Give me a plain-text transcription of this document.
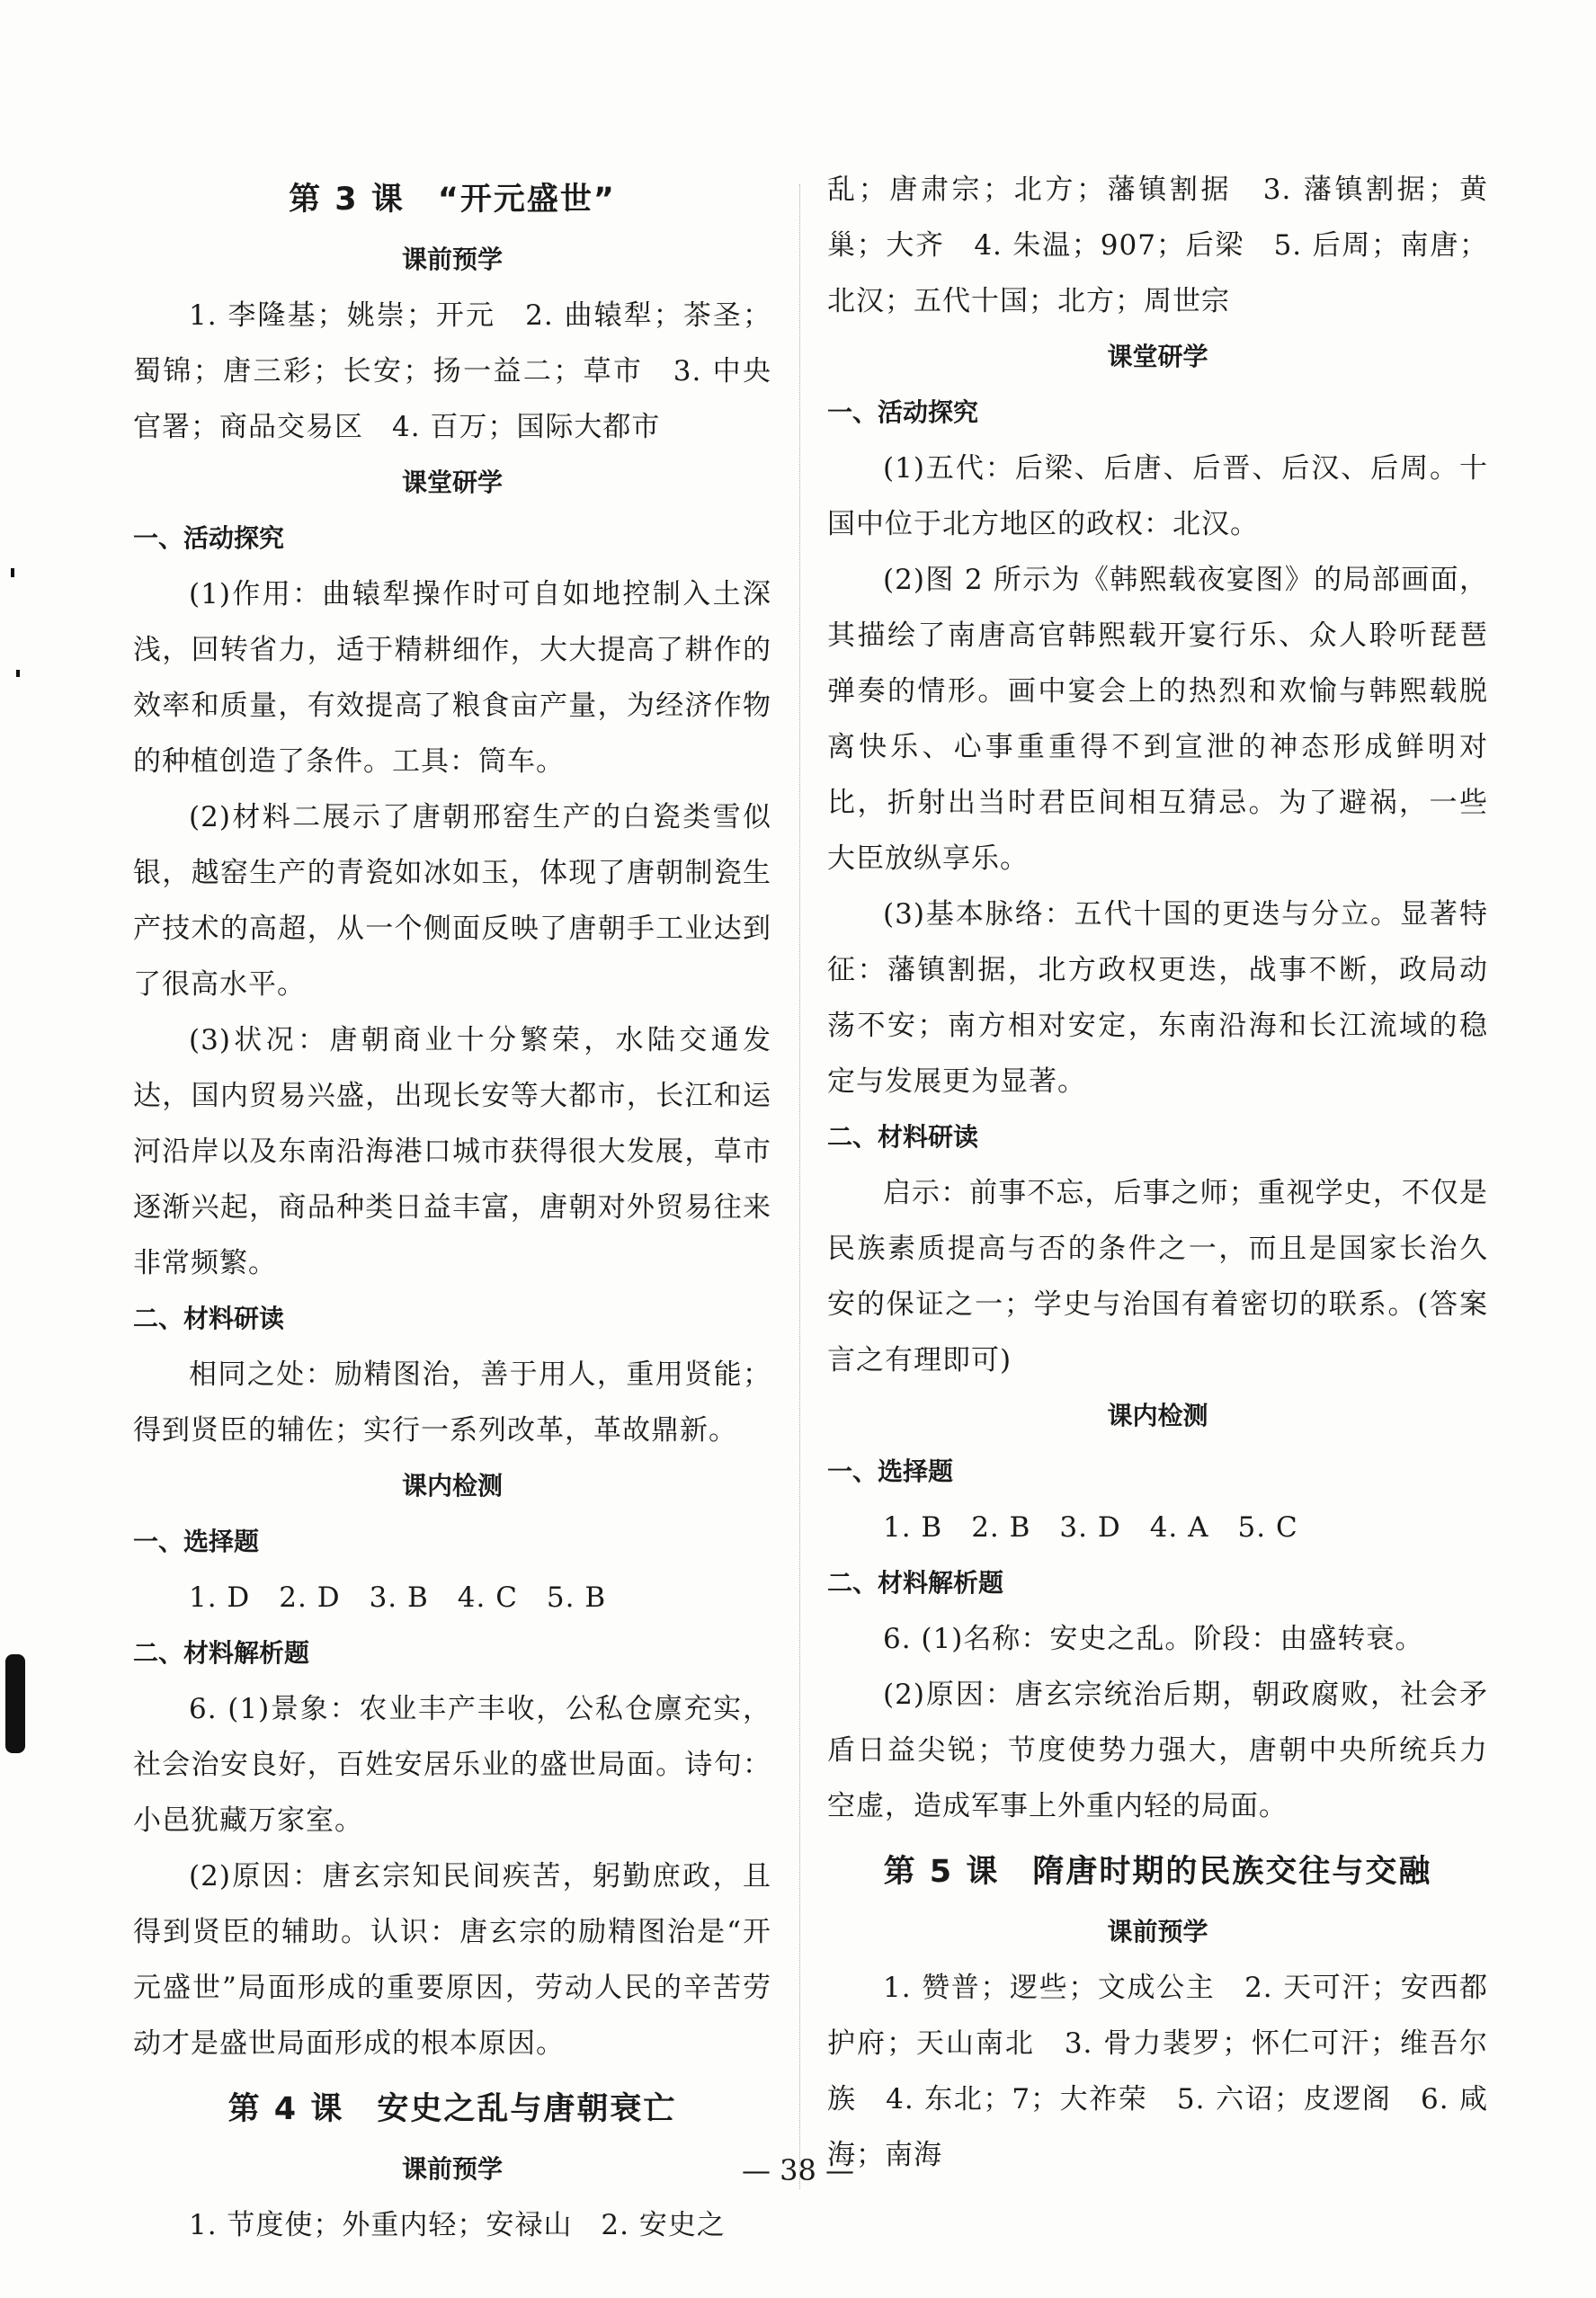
第 3 课　“开元盛世”
课前预学

1. 李隆基；姚崇；开元　2. 曲辕犁；茶圣；蜀锦；唐三彩；长安；扬一益二；草市　3. 中央官署；商品交易区　4. 百万；国际大都市

课堂研学
一、活动探究

(1)作用：曲辕犁操作时可自如地控制入土深浅，回转省力，适于精耕细作，大大提高了耕作的效率和质量，有效提高了粮食亩产量，为经济作物的种植创造了条件。工具：筒车。

(2)材料二展示了唐朝邢窑生产的白瓷类雪似银，越窑生产的青瓷如冰如玉，体现了唐朝制瓷生产技术的高超，从一个侧面反映了唐朝手工业达到了很高水平。

(3)状况：唐朝商业十分繁荣，水陆交通发达，国内贸易兴盛，出现长安等大都市，长江和运河沿岸以及东南沿海港口城市获得很大发展，草市逐渐兴起，商品种类日益丰富，唐朝对外贸易往来非常频繁。

二、材料研读

相同之处：励精图治，善于用人，重用贤能；得到贤臣的辅佐；实行一系列改革，革故鼎新。

课内检测
一、选择题

1. D　2. D　3. B　4. C　5. B

二、材料解析题

6. (1)景象：农业丰产丰收，公私仓廪充实，社会治安良好，百姓安居乐业的盛世局面。诗句：小邑犹藏万家室。

(2)原因：唐玄宗知民间疾苦，躬勤庶政，且得到贤臣的辅助。认识：唐玄宗的励精图治是“开元盛世”局面形成的重要原因，劳动人民的辛苦劳动才是盛世局面形成的根本原因。

第 4 课　安史之乱与唐朝衰亡
课前预学

1. 节度使；外重内轻；安禄山　2. 安史之

乱；唐肃宗；北方；藩镇割据　3. 藩镇割据；黄巢；大齐　4. 朱温；907；后梁　5. 后周；南唐；北汉；五代十国；北方；周世宗

课堂研学
一、活动探究

(1)五代：后梁、后唐、后晋、后汉、后周。十国中位于北方地区的政权：北汉。

(2)图 2 所示为《韩熙载夜宴图》的局部画面，其描绘了南唐高官韩熙载开宴行乐、众人聆听琵琶弹奏的情形。画中宴会上的热烈和欢愉与韩熙载脱离快乐、心事重重得不到宣泄的神态形成鲜明对比，折射出当时君臣间相互猜忌。为了避祸，一些大臣放纵享乐。

(3)基本脉络：五代十国的更迭与分立。显著特征：藩镇割据，北方政权更迭，战事不断，政局动荡不安；南方相对安定，东南沿海和长江流域的稳定与发展更为显著。

二、材料研读

启示：前事不忘，后事之师；重视学史，不仅是民族素质提高与否的条件之一，而且是国家长治久安的保证之一；学史与治国有着密切的联系。(答案言之有理即可)

课内检测
一、选择题

1. B　2. B　3. D　4. A　5. C

二、材料解析题

6. (1)名称：安史之乱。阶段：由盛转衰。

(2)原因：唐玄宗统治后期，朝政腐败，社会矛盾日益尖锐；节度使势力强大，唐朝中央所统兵力空虚，造成军事上外重内轻的局面。

第 5 课　隋唐时期的民族交往与交融
课前预学

1. 赞普；逻些；文成公主　2. 天可汗；安西都护府；天山南北　3. 骨力裴罗；怀仁可汗；维吾尔族　4. 东北；7；大祚荣　5. 六诏；皮逻阁　6. 咸海；南海

— 38 —
